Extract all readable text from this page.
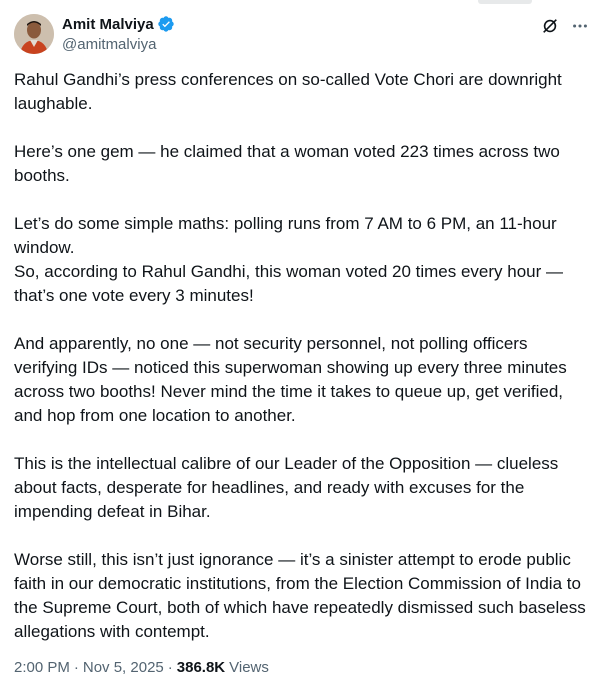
Amit Malviya
@amitmalviya

Rahul Gandhi’s press conferences on so-called Vote Chori are downright laughable.

Here’s one gem — he claimed that a woman voted 223 times across two booths.

Let’s do some simple maths: polling runs from 7 AM to 6 PM, an 11-hour window.
So, according to Rahul Gandhi, this woman voted 20 times every hour — that’s one vote every 3 minutes!

And apparently, no one — not security personnel, not polling officers verifying IDs — noticed this superwoman showing up every three minutes across two booths! Never mind the time it takes to queue up, get verified, and hop from one location to another.

This is the intellectual calibre of our Leader of the Opposition — clueless about facts, desperate for headlines, and ready with excuses for the impending defeat in Bihar.

Worse still, this isn’t just ignorance — it’s a sinister attempt to erode public faith in our democratic institutions, from the Election Commission of India to the Supreme Court, both of which have repeatedly dismissed such baseless allegations with contempt.

2:00 PM · Nov 5, 2025 · 386.8K Views
